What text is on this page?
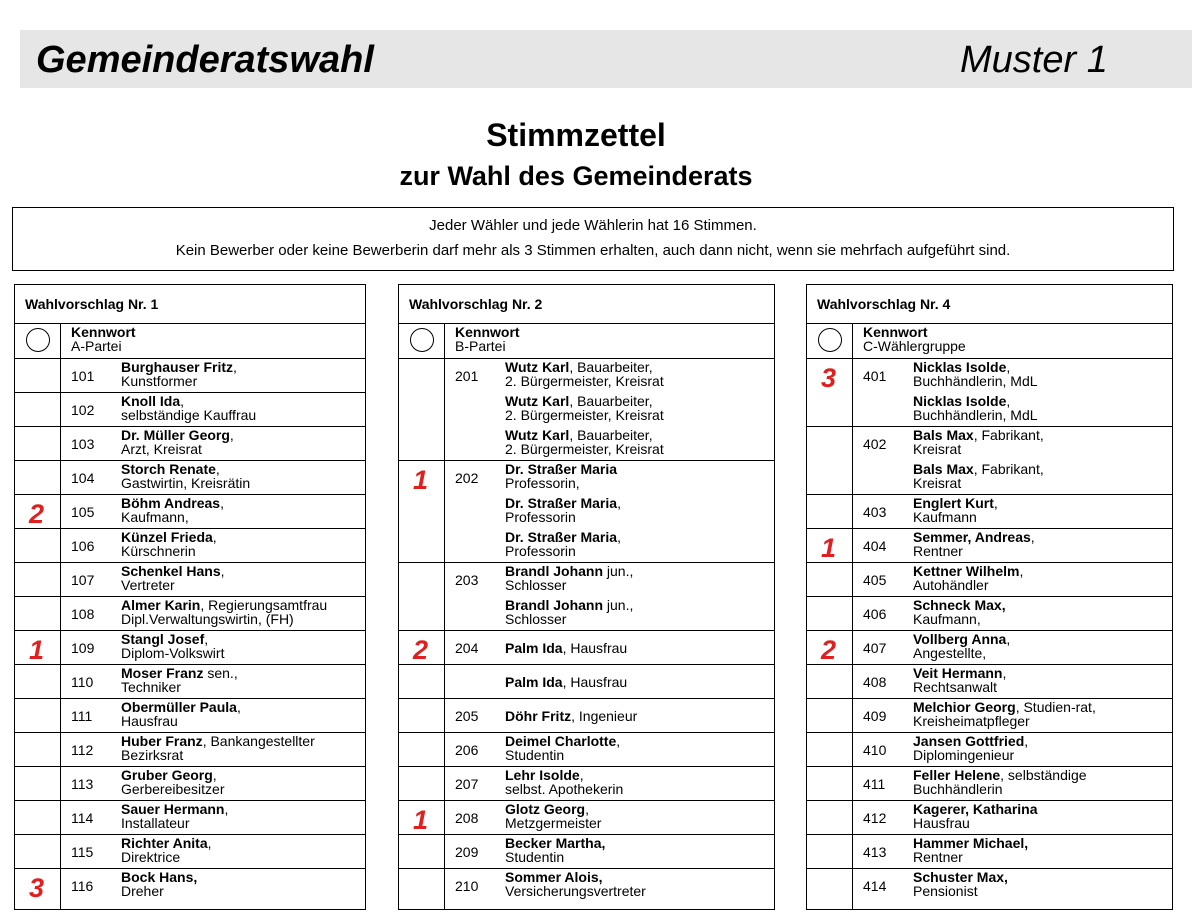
Gemeinderatswahl	Muster 1
Stimmzettel
zur Wahl des Gemeinderats
Jeder Wähler und jede Wählerin hat 16 Stimmen.
Kein Bewerber oder keine Bewerberin darf mehr als 3 Stimmen erhalten, auch dann nicht, wenn sie mehrfach aufgeführt sind.
Wahlvorschlag Nr. 1
Kennwort
A-Partei
101
Burghauser Fritz,
Kunstformer
102
Knoll Ida,
selbständige Kauffrau
103
Dr. Müller Georg,
Arzt, Kreisrat
104
Storch Renate,
Gastwirtin, Kreisrätin
2 105
Böhm Andreas,
Kaufmann,
106
Künzel Frieda,
Kürschnerin
107
Schenkel Hans,
Vertreter
108
Almer Karin, Regierungsamtfrau
Dipl.Verwaltungswirtin, (FH)
1 109
Stangl Josef,
Diplom-Volkswirt
110
Moser Franz sen.,
Techniker
111
Obermüller Paula,
Hausfrau
112
Huber Franz, Bankangestellter
Bezirksrat
113
Gruber Georg,
Gerbereibesitzer
114
Sauer Hermann,
Installateur
115
Richter Anita,
Direktrice
3 116
Bock Hans,
Dreher
Wahlvorschlag Nr. 2
Kennwort
B-Partei
201
Wutz Karl, Bauarbeiter,
2. Bürgermeister, Kreisrat
Wutz Karl, Bauarbeiter,
2. Bürgermeister, Kreisrat
Wutz Karl, Bauarbeiter,
2. Bürgermeister, Kreisrat
1 202
Dr. Straßer Maria
Professorin,
Dr. Straßer Maria,
Professorin
Dr. Straßer Maria,
Professorin
203
Brandl Johann jun.,
Schlosser
Brandl Johann jun.,
Schlosser
2 204 Palm Ida, Hausfrau
Palm Ida, Hausfrau
205 Döhr Fritz, Ingenieur
206
Deimel Charlotte,
Studentin
207
Lehr Isolde,
selbst. Apothekerin
1 208
Glotz Georg,
Metzgermeister
209
Becker Martha,
Studentin
210
Sommer Alois,
Versicherungsvertreter
Wahlvorschlag Nr. 4
Kennwort
C-Wählergruppe
3 401
Nicklas Isolde,
Buchhändlerin, MdL
Nicklas Isolde,
Buchhändlerin, MdL
402
Bals Max, Fabrikant,
Kreisrat
Bals Max, Fabrikant,
Kreisrat
403
Englert Kurt,
Kaufmann
1 404
Semmer, Andreas,
Rentner
405
Kettner Wilhelm,
Autohändler
406
Schneck Max,
Kaufmann,
2 407
Vollberg Anna,
Angestellte,
408
Veit Hermann,
Rechtsanwalt
409
Melchior Georg, Studien-rat,
Kreisheimatpfleger
410
Jansen Gottfried,
Diplomingenieur
411
Feller Helene, selbständige
Buchhändlerin
412
Kagerer, Katharina
Hausfrau
413
Hammer Michael,
Rentner
414
Schuster Max,
Pensionist
